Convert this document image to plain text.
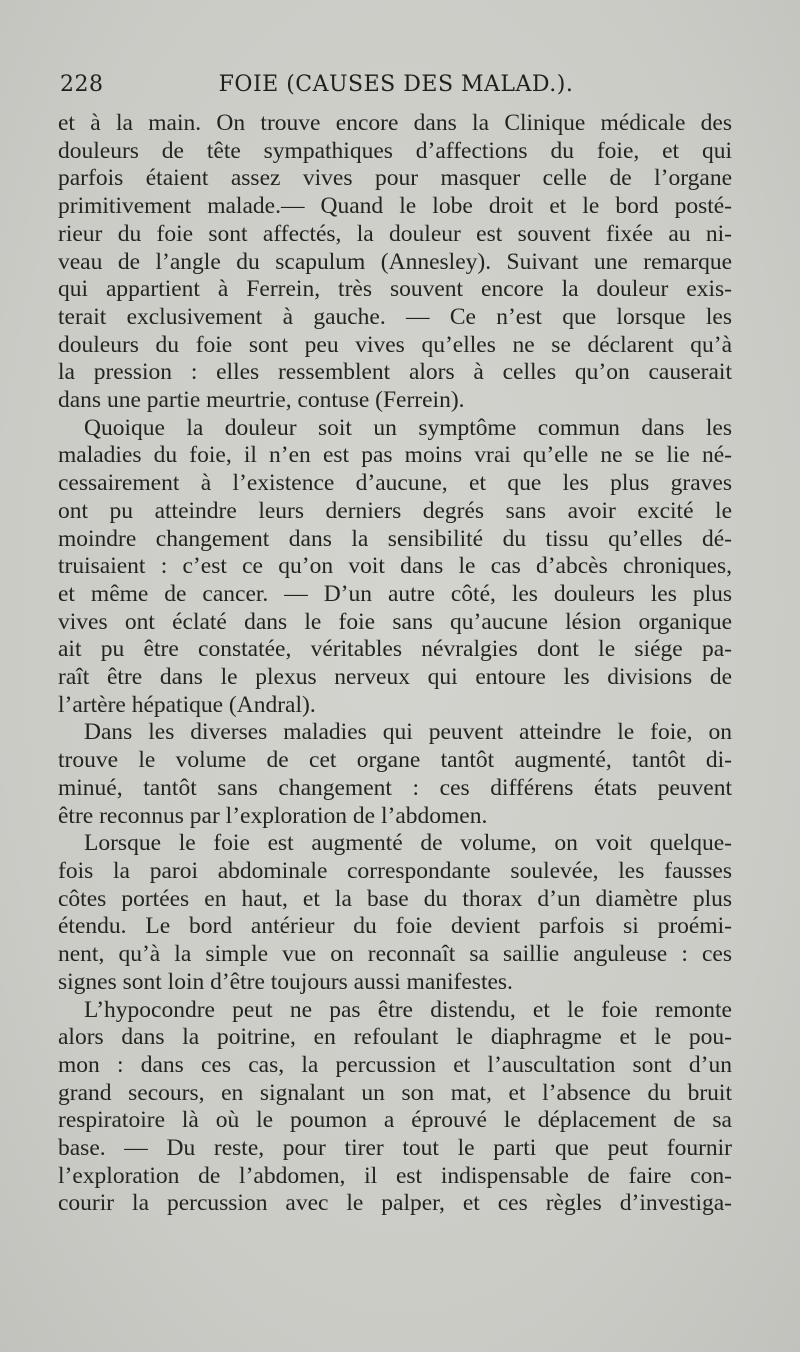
228	FOIE (CAUSES DES MALAD.).
et à la main. On trouve encore dans la Clinique médicale des
douleurs de tête sympathiques d’affections du foie, et qui
parfois étaient assez vives pour masquer celle de l’organe
primitivement malade.— Quand le lobe droit et le bord posté-
rieur du foie sont affectés, la douleur est souvent fixée au ni-
veau de l’angle du scapulum (Annesley). Suivant une remarque
qui appartient à Ferrein, très souvent encore la douleur exis-
terait exclusivement à gauche. — Ce n’est que lorsque les
douleurs du foie sont peu vives qu’elles ne se déclarent qu’à
la pression : elles ressemblent alors à celles qu’on causerait
dans une partie meurtrie, contuse (Ferrein).
Quoique la douleur soit un symptôme commun dans les
maladies du foie, il n’en est pas moins vrai qu’elle ne se lie né-
cessairement à l’existence d’aucune, et que les plus graves
ont pu atteindre leurs derniers degrés sans avoir excité le
moindre changement dans la sensibilité du tissu qu’elles dé-
truisaient : c’est ce qu’on voit dans le cas d’abcès chroniques,
et même de cancer. — D’un autre côté, les douleurs les plus
vives ont éclaté dans le foie sans qu’aucune lésion organique
ait pu être constatée, véritables névralgies dont le siége pa-
raît être dans le plexus nerveux qui entoure les divisions de
l’artère hépatique (Andral).
Dans les diverses maladies qui peuvent atteindre le foie, on
trouve le volume de cet organe tantôt augmenté, tantôt di-
minué, tantôt sans changement : ces différens états peuvent
être reconnus par l’exploration de l’abdomen.
Lorsque le foie est augmenté de volume, on voit quelque-
fois la paroi abdominale correspondante soulevée, les fausses
côtes portées en haut, et la base du thorax d’un diamètre plus
étendu. Le bord antérieur du foie devient parfois si proémi-
nent, qu’à la simple vue on reconnaît sa saillie anguleuse : ces
signes sont loin d’être toujours aussi manifestes.
L’hypocondre peut ne pas être distendu, et le foie remonte
alors dans la poitrine, en refoulant le diaphragme et le pou-
mon : dans ces cas, la percussion et l’auscultation sont d’un
grand secours, en signalant un son mat, et l’absence du bruit
respiratoire là où le poumon a éprouvé le déplacement de sa
base. — Du reste, pour tirer tout le parti que peut fournir
l’exploration de l’abdomen, il est indispensable de faire con-
courir la percussion avec le palper, et ces règles d’investiga-
